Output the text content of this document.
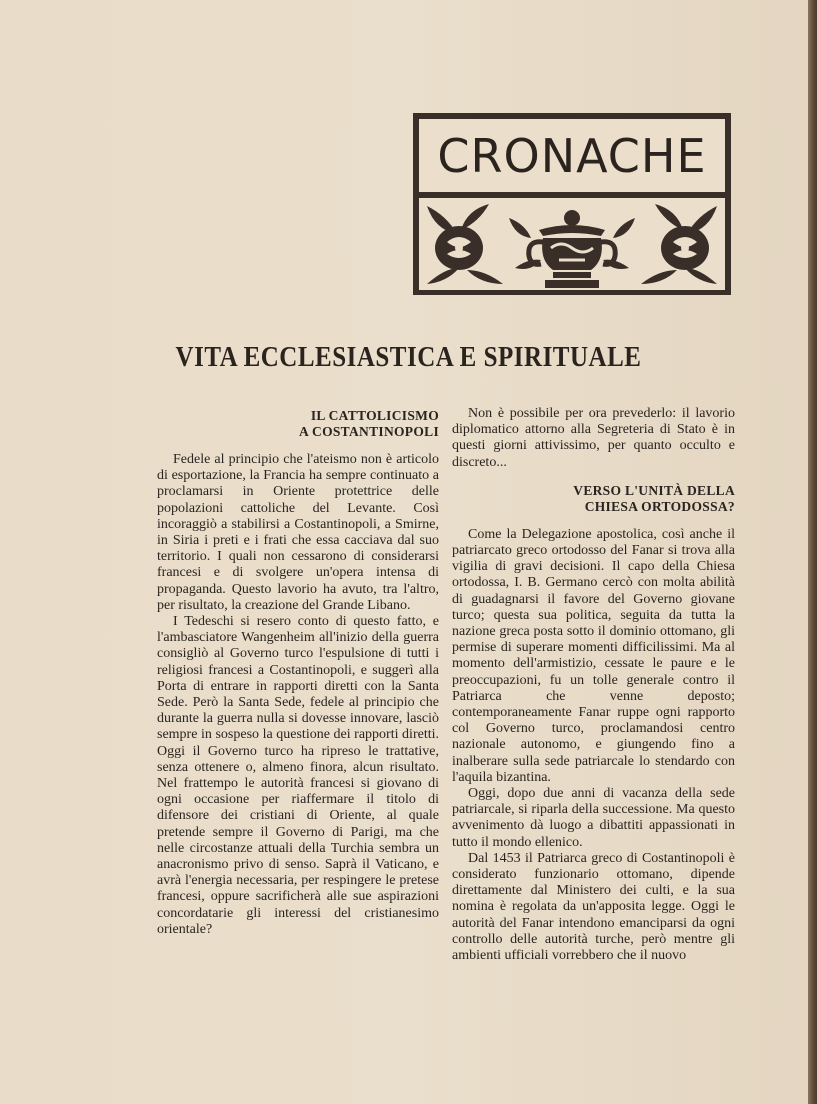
CRONACHE
VITA ECCLESIASTICA E SPIRITUALE
IL CATTOLICISMO
A COSTANTINOPOLI

Fedele al principio che l'ateismo non è articolo di esportazione, la Francia ha sempre continuato a proclamarsi in Oriente protettrice delle popolazioni cattoliche del Levante. Così incoraggiò a stabilirsi a Costantinopoli, a Smirne, in Siria i preti e i frati che essa cacciava dal suo territorio. I quali non cessarono di considerarsi francesi e di svolgere un'opera intensa di propaganda. Questo lavorio ha avuto, tra l'altro, per risultato, la creazione del Grande Libano.

I Tedeschi si resero conto di questo fatto, e l'ambasciatore Wangenheim all'inizio della guerra consigliò al Governo turco l'espulsione di tutti i religiosi francesi a Costantinopoli, e suggerì alla Porta di entrare in rapporti diretti con la Santa Sede. Però la Santa Sede, fedele al principio che durante la guerra nulla si dovesse innovare, lasciò sempre in sospeso la questione dei rapporti diretti. Oggi il Governo turco ha ripreso le trattative, senza ottenere o, almeno finora, alcun risultato. Nel frattempo le autorità francesi si giovano di ogni occasione per riaffermare il titolo di difensore dei cristiani di Oriente, al quale pretende sempre il Governo di Parigi, ma che nelle circostanze attuali della Turchia sembra un anacronismo privo di senso. Saprà il Vaticano, e avrà l'energia necessaria, per respingere le pretese francesi, oppure sacrificherà alle sue aspirazioni concordatarie gli interessi del cristianesimo orientale?

Non è possibile per ora prevederlo: il lavorio diplomatico attorno alla Segreteria di Stato è in questi giorni attivissimo, per quanto occulto e discreto...

VERSO L'UNITÀ DELLA
CHIESA ORTODOSSA?

Come la Delegazione apostolica, così anche il patriarcato greco ortodosso del Fanar si trova alla vigilia di gravi decisioni. Il capo della Chiesa ortodossa, I. B. Germano cercò con molta abilità di guadagnarsi il favore del Governo giovane turco; questa sua politica, seguita da tutta la nazione greca posta sotto il dominio ottomano, gli permise di superare momenti difficilissimi. Ma al momento dell'armistizio, cessate le paure e le preoccupazioni, fu un tolle generale contro il Patriarca che venne deposto; contemporaneamente Fanar ruppe ogni rapporto col Governo turco, proclamandosi centro nazionale autonomo, e giungendo fino a inalberare sulla sede patriarcale lo stendardo con l'aquila bizantina.

Oggi, dopo due anni di vacanza della sede patriarcale, si riparla della successione. Ma questo avvenimento dà luogo a dibattiti appassionati in tutto il mondo ellenico.

Dal 1453 il Patriarca greco di Costantinopoli è considerato funzionario ottomano, dipende direttamente dal Ministero dei culti, e la sua nomina è regolata da un'apposita legge. Oggi le autorità del Fanar intendono emanciparsi da ogni controllo delle autorità turche, però mentre gli ambienti ufficiali vorrebbero che il nuovo
